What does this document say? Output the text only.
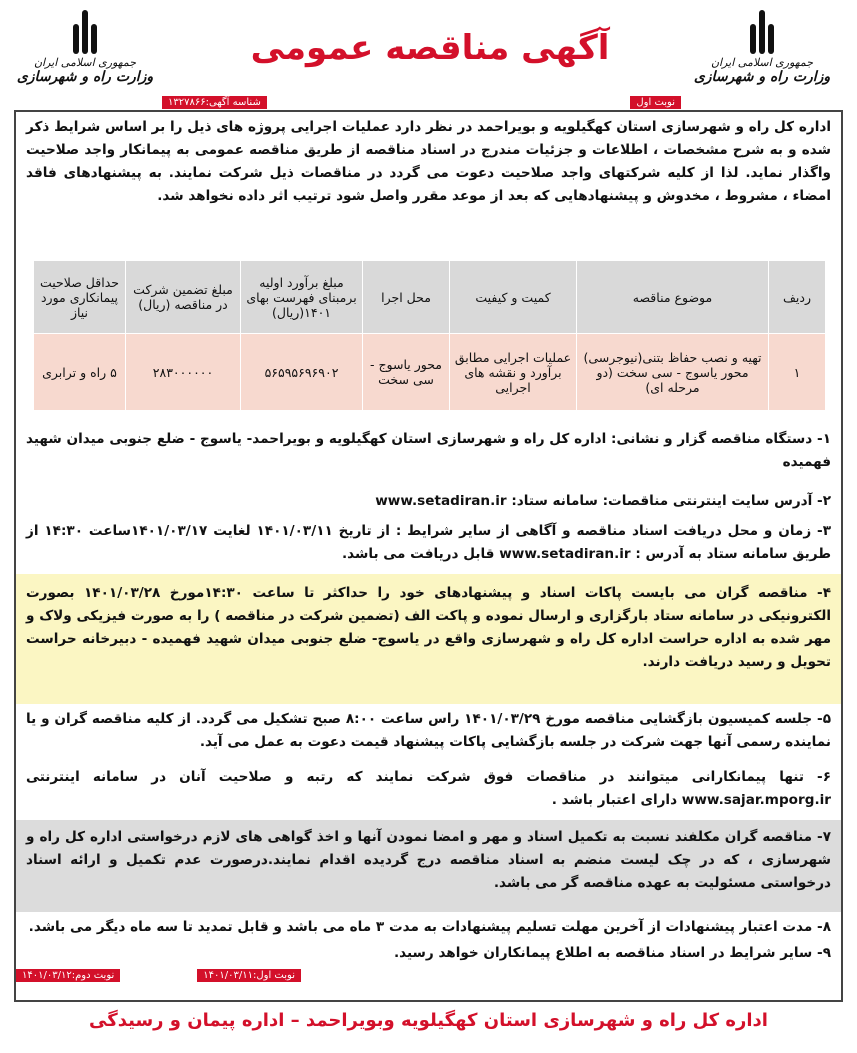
جمهوری اسلامی ایران
وزارت راه و شهرسازی
جمهوری اسلامی ایران
وزارت راه و شهرسازی
آگهی مناقصه عمومی
نوبت اول
شناسه آگهی:۱۳۲۷۸۶۶
اداره کل راه و شهرسازی استان کهگیلویه و بویراحمد در نظر دارد عملیات اجرایی پروژه های ذیل را بر اساس شرایط ذکر شده و به شرح مشخصات ، اطلاعات و جزئیات مندرج در اسناد مناقصه از طریق مناقصه عمومی به پیمانکار واجد صلاحیت واگذار نماید. لذا از کلیه شرکتهای واجد صلاحیت دعوت می گردد در مناقصات ذیل شرکت نمایند. به پیشنهادهای فاقد امضاء ، مشروط ، مخدوش و پیشنهادهایی که بعد از موعد مقرر واصل شود ترتیب اثر داده نخواهد شد.
ردیف	موضوع مناقصه	کمیت و کیفیت	محل اجرا	مبلغ برآورد اولیه برمبنای فهرست بهای ۱۴۰۱(ریال)	مبلغ تضمین شرکت در مناقصه (ریال)	حداقل صلاحیت پیمانکاری مورد نیاز
۱	تهیه و نصب حفاظ بتنی(نیوجرسی) محور یاسوج - سی سخت (دو مرحله ای)	عملیات اجرایی مطابق برآورد و نقشه های اجرایی	محور یاسوج - سی سخت	۵۶۵۹۵۶۹۶۹۰۲	۲۸۳۰۰۰۰۰۰	۵ راه و ترابری
۱- دستگاه مناقصه گزار و نشانی: اداره کل راه و شهرسازی استان کهگیلویه و بویراحمد- یاسوج - ضلع جنوبی میدان شهید فهمیده
۲- آدرس سایت اینترنتی مناقصات: سامانه ستاد: www.setadiran.ir
۳- زمان و محل دریافت اسناد مناقصه و آگاهی از سایر شرایط : از تاریخ ۱۴۰۱/۰۳/۱۱ لغایت ۱۴۰۱/۰۳/۱۷ساعت ۱۴:۳۰ از طریق سامانه ستاد به آدرس : www.setadiran.ir قابل دریافت می باشد.
۴- مناقصه گران می بایست پاکات اسناد و پیشنهادهای خود را حداکثر تا ساعت ۱۴:۳۰مورخ ۱۴۰۱/۰۳/۲۸ بصورت الکترونیکی در سامانه ستاد بارگزاری و ارسال نموده و پاکت الف (تضمین شرکت در مناقصه ) را به صورت فیزیکی ولاک و مهر شده به اداره حراست اداره کل راه و شهرسازی واقع در یاسوج- ضلع جنوبی میدان شهید فهمیده - دبیرخانه حراست تحویل و رسید دریافت دارند.
۵- جلسه کمیسیون بازگشایی مناقصه مورخ ۱۴۰۱/۰۳/۲۹ راس ساعت ۸:۰۰ صبح تشکیل می گردد. از کلیه مناقصه گران و یا نماینده رسمی آنها جهت شرکت در جلسه بازگشایی پاکات پیشنهاد قیمت دعوت به عمل می آید.
۶- تنها پیمانکارانی میتوانند در مناقصات فوق شرکت نمایند که رتبه و صلاحیت آنان در سامانه اینترنتی www.sajar.mporg.ir دارای اعتبار باشد .
۷- مناقصه گران مکلفند نسبت به تکمیل اسناد و مهر و امضا نمودن آنها و اخذ گواهی های لازم درخواستی اداره کل راه و شهرسازی ، که در چک لیست منضم به اسناد مناقصه درج گردیده اقدام نمایند.درصورت عدم تکمیل و ارائه اسناد درخواستی مسئولیت به عهده مناقصه گر می باشد.
۸- مدت اعتبار پیشنهادات از آخرین مهلت تسلیم پیشنهادات به مدت ۳ ماه می باشد و قابل تمدید تا سه ماه دیگر می باشد.
۹- سایر شرایط در اسناد مناقصه به اطلاع پیمانکاران خواهد رسید.
نوبت اول:۱۴۰۱/۰۳/۱۱
نوبت دوم:۱۴۰۱/۰۳/۱۲
اداره کل راه و شهرسازی استان کهگیلویه وبویراحمد – اداره پیمان و رسیدگی
